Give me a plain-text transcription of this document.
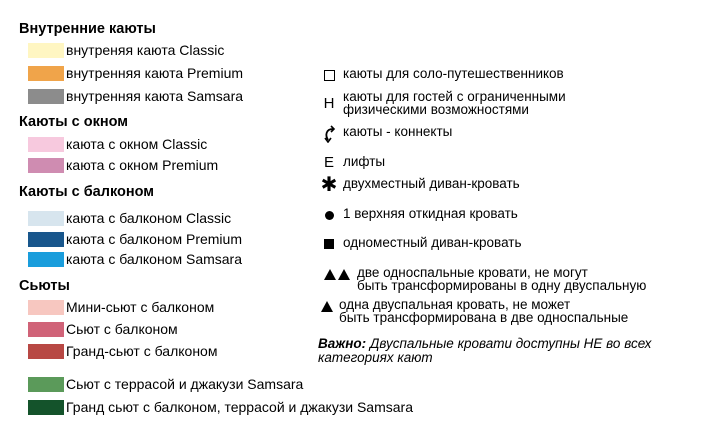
Внутренние каюты
внутреняя каюта Classic
внутренняя каюта Premium
внутренняя каюта Samsara
Каюты с окном
каюта с окном Classic
каюта с окном Premium
Каюты с балконом
каюта с балконом Classic
каюта с балконом Premium
каюта с балконом Samsara
Сьюты
Мини-сьют с балконом
Сьют с балконом
Гранд-сьют с балконом
Сьют с террасой и джакузи Samsara
Гранд сьют с балконом, террасой и джакузи Samsara
каюты для соло-путешественников
H каюты для гостей с ограниченными
физическими возможностями
каюты - коннекты
E лифты
✱ двухместный диван-кровать
1 верхняя откидная кровать
одноместный диван-кровать
две односпальные кровати, не могут
быть трансформированы в одну двуспальную
одна двуспальная кровать, не может
быть трансформирована в две односпальные
Важно: Двуспальные кровати доступны НЕ во всех категориях кают
